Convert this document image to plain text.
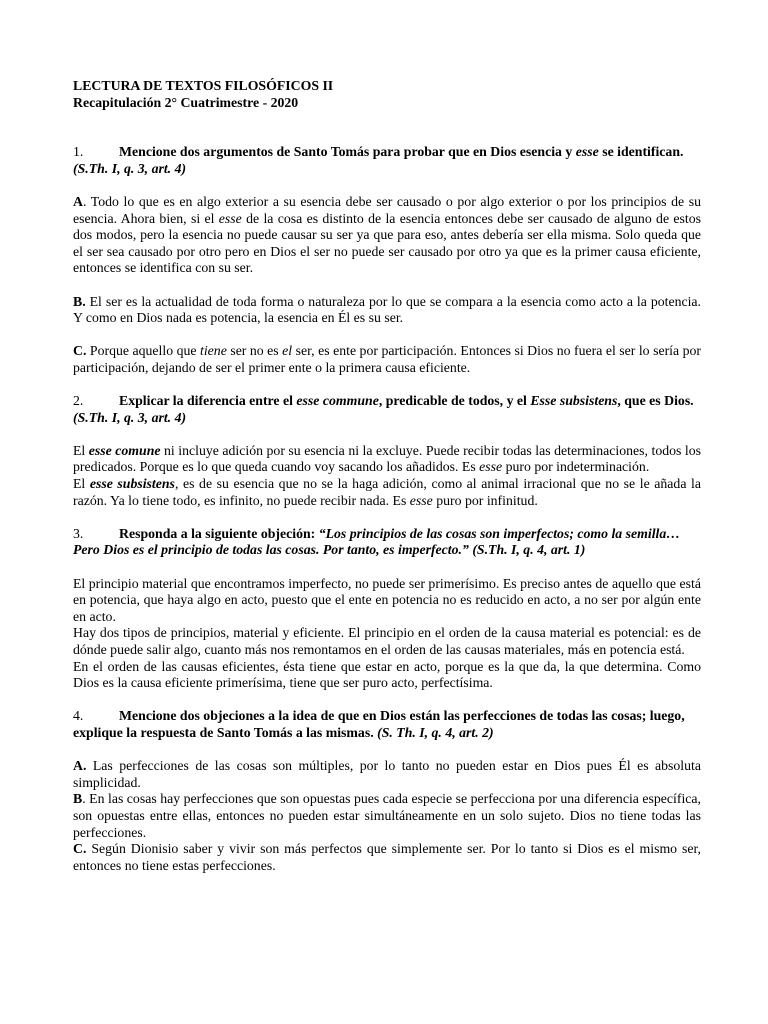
LECTURA DE TEXTOS FILOSÓFICOS II
Recapitulación 2° Cuatrimestre - 2020

1.	Mencione dos argumentos de Santo Tomás para probar que en Dios esencia y esse se identifican. (S.Th. I, q. 3, art. 4)

A. Todo lo que es en algo exterior a su esencia debe ser causado o por algo exterior o por los principios de su esencia. Ahora bien, si el esse de la cosa es distinto de la esencia entonces debe ser causado de alguno de estos dos modos, pero la esencia no puede causar su ser ya que para eso, antes debería ser ella misma. Solo queda que el ser sea causado por otro pero en Dios el ser no puede ser causado por otro ya que es la primer causa eficiente, entonces se identifica con su ser.

B. El ser es la actualidad de toda forma o naturaleza por lo que se compara a la esencia como acto a la potencia. Y como en Dios nada es potencia, la esencia en Él es su ser.

C. Porque aquello que tiene ser no es el ser, es ente por participación. Entonces si Dios no fuera el ser lo sería por participación, dejando de ser el primer ente o la primera causa eficiente.

2.	Explicar la diferencia entre el esse commune, predicable de todos, y el Esse subsistens, que es Dios. (S.Th. I, q. 3, art. 4)

El esse comune ni incluye adición por su esencia ni la excluye. Puede recibir todas las determinaciones, todos los predicados. Porque es lo que queda cuando voy sacando los añadidos. Es esse puro por indeterminación.

El esse subsistens, es de su esencia que no se la haga adición, como al animal irracional que no se le añada la razón. Ya lo tiene todo, es infinito, no puede recibir nada. Es esse puro por infinitud.

3.	Responda a la siguiente objeción: “Los principios de las cosas son imperfectos; como la semilla… Pero Dios es el principio de todas las cosas. Por tanto, es imperfecto.” (S.Th. I, q. 4, art. 1)

El principio material que encontramos imperfecto, no puede ser primerísimo. Es preciso antes de aquello que está en potencia, que haya algo en acto, puesto que el ente en potencia no es reducido en acto, a no ser por algún ente en acto.

Hay dos tipos de principios, material y eficiente. El principio en el orden de la causa material es potencial: es de dónde puede salir algo, cuanto más nos remontamos en el orden de las causas materiales, más en potencia está.

En el orden de las causas eficientes, ésta tiene que estar en acto, porque es la que da, la que determina. Como Dios es la causa eficiente primerísima, tiene que ser puro acto, perfectísima.

4.	Mencione dos objeciones a la idea de que en Dios están las perfecciones de todas las cosas; luego, explique la respuesta de Santo Tomás a las mismas. (S. Th. I, q. 4, art. 2)

A. Las perfecciones de las cosas son múltiples, por lo tanto no pueden estar en Dios pues Él es absoluta simplicidad.

B. En las cosas hay perfecciones que son opuestas pues cada especie se perfecciona por una diferencia específica, son opuestas entre ellas, entonces no pueden estar simultáneamente en un solo sujeto. Dios no tiene todas las perfecciones.

C. Según Dionisio saber y vivir son más perfectos que simplemente ser. Por lo tanto si Dios es el mismo ser, entonces no tiene estas perfecciones.
